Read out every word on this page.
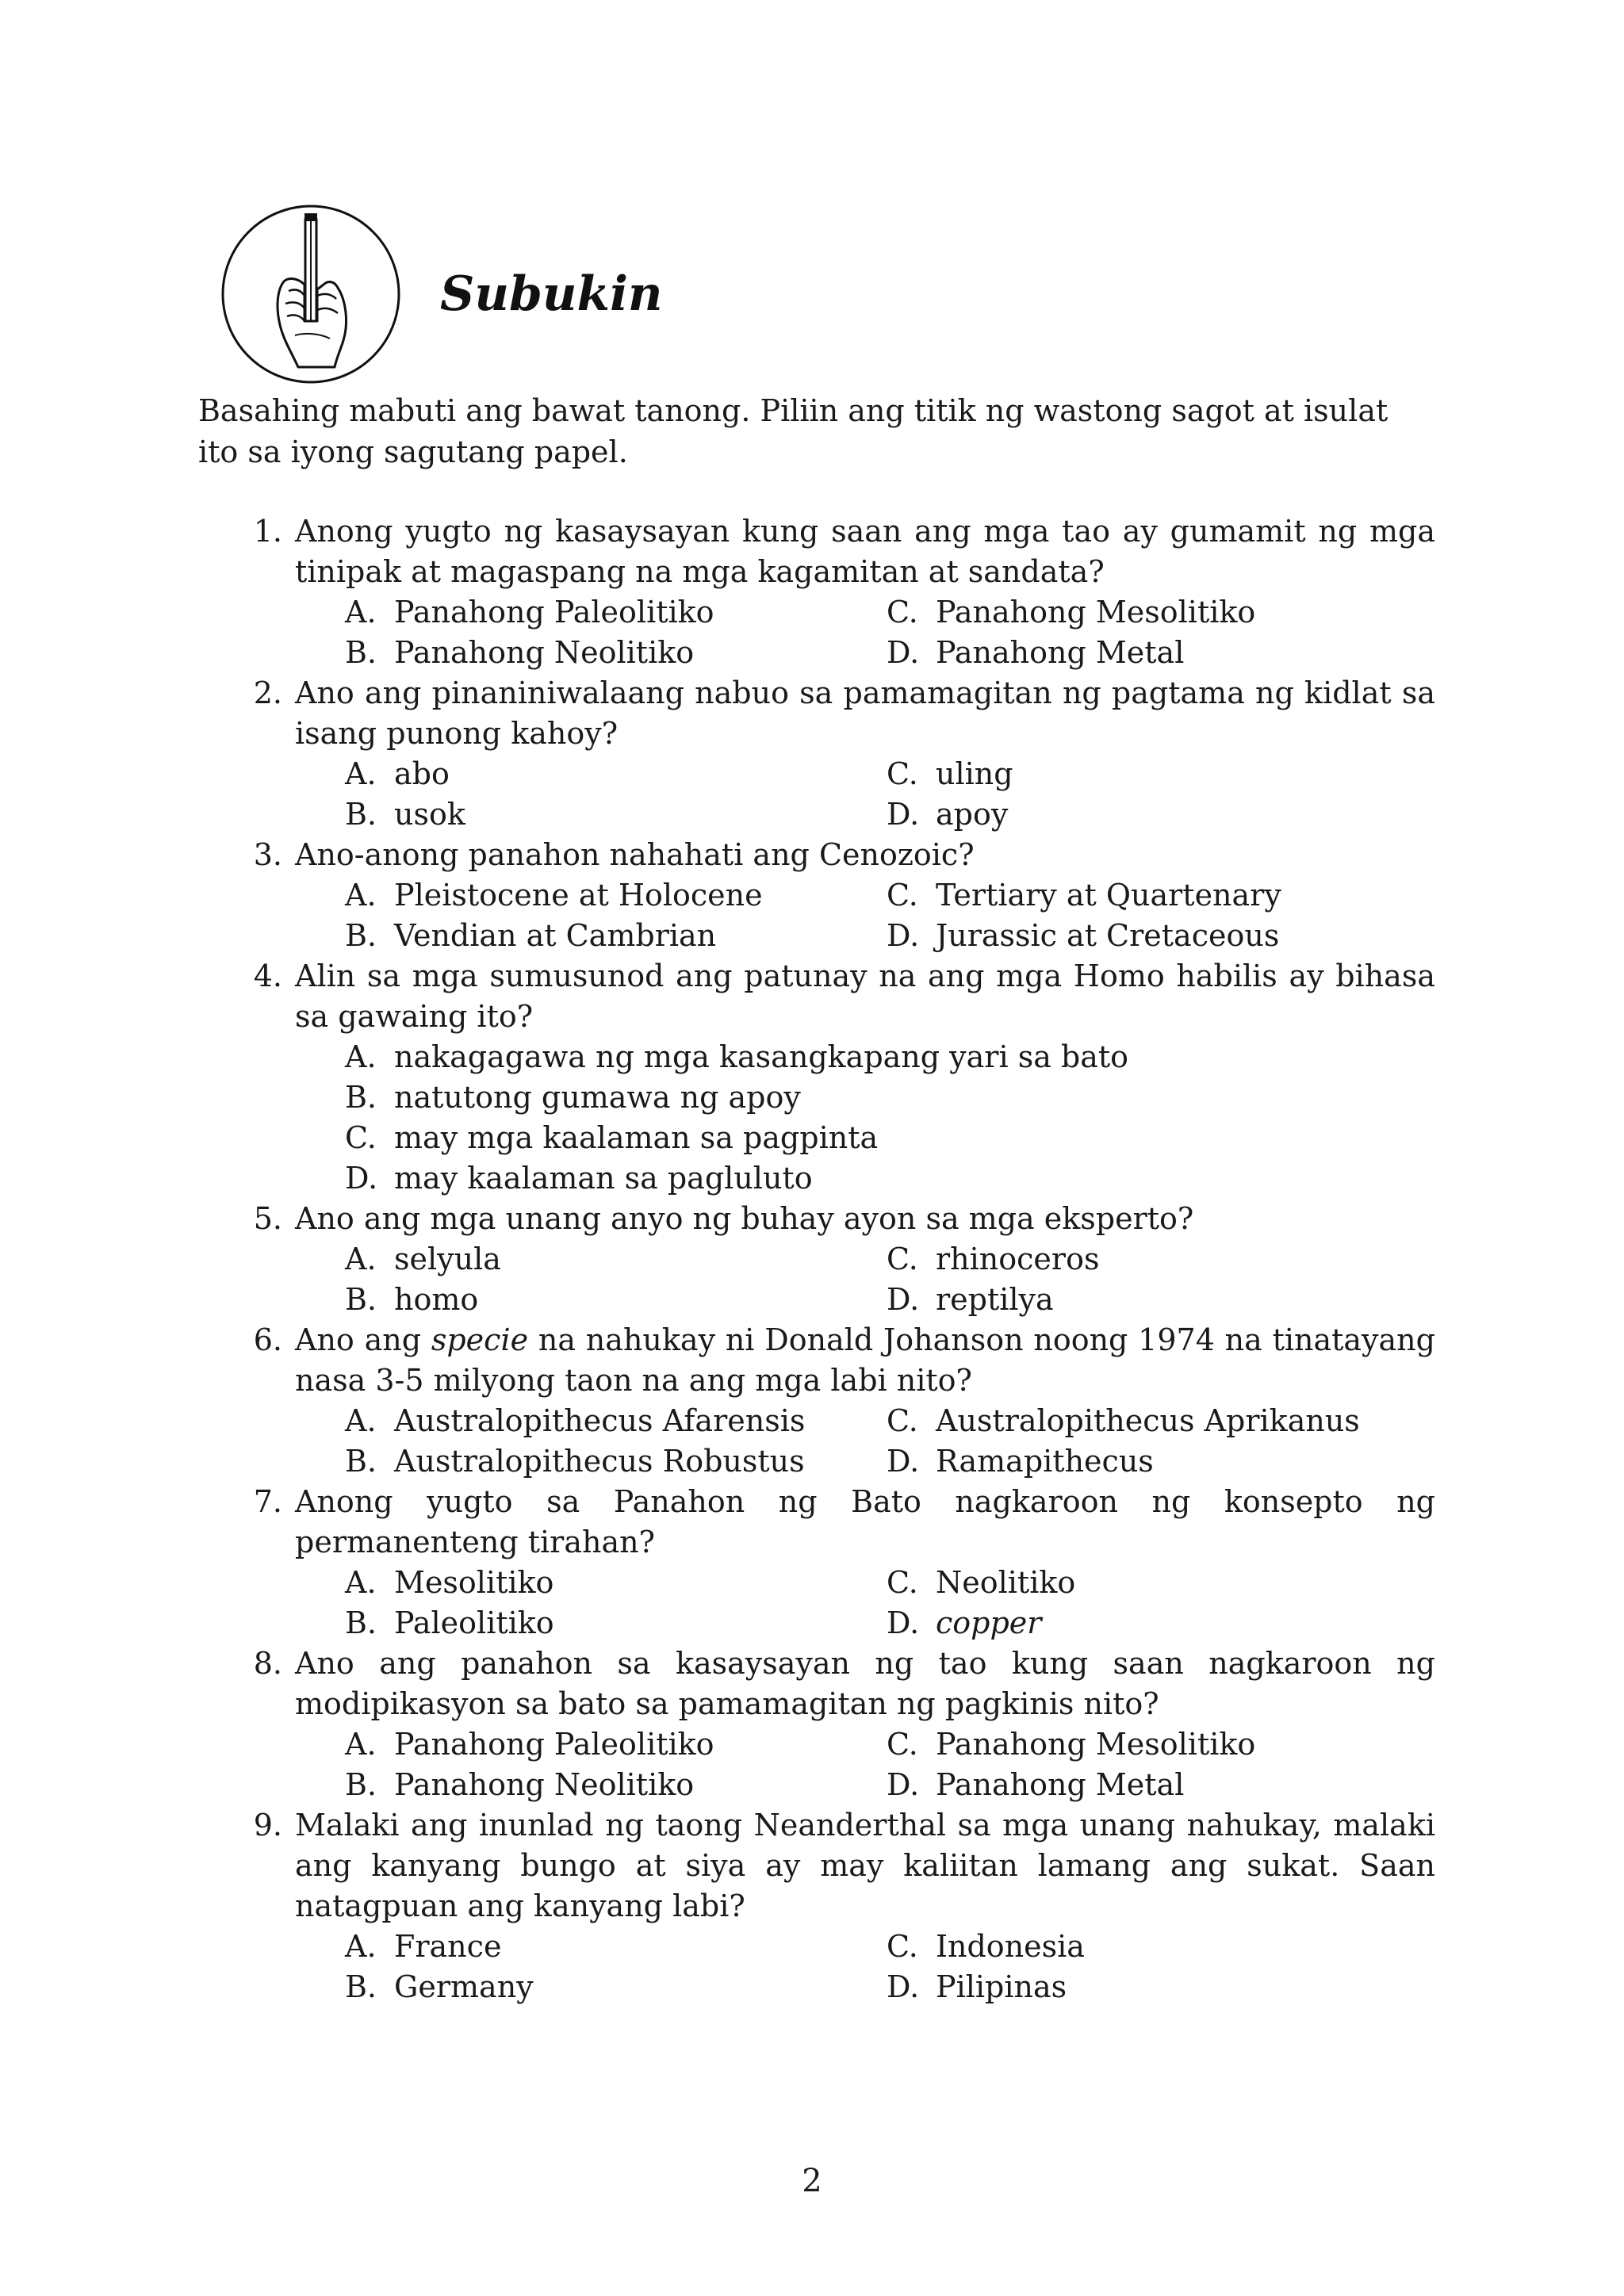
Subukin
Basahing mabuti ang bawat tanong. Piliin ang titik ng wastong sagot at isulat ito sa iyong sagutang papel.
1. Anong yugto ng kasaysayan kung saan ang mga tao ay gumamit ng mga tinipak at magaspang na mga kagamitan at sandata?
A. Panahong Paleolitiko	C. Panahong Mesolitiko
B. Panahong Neolitiko	D. Panahong Metal
2. Ano ang pinaniniwalaang nabuo sa pamamagitan ng pagtama ng kidlat sa isang punong kahoy?
A. abo	C. uling
B. usok	D. apoy
3. Ano-anong panahon nahahati ang Cenozoic?
A. Pleistocene at Holocene	C. Tertiary at Quartenary
B. Vendian at Cambrian	D. Jurassic at Cretaceous
4. Alin sa mga sumusunod ang patunay na ang mga Homo habilis ay bihasa sa gawaing ito?
A. nakagagawa ng mga kasangkapang yari sa bato
B. natutong gumawa ng apoy
C. may mga kaalaman sa pagpinta
D. may kaalaman sa pagluluto
5. Ano ang mga unang anyo ng buhay ayon sa mga eksperto?
A. selyula	C. rhinoceros
B. homo	D. reptilya
6. Ano ang specie na nahukay ni Donald Johanson noong 1974 na tinatayang nasa 3-5 milyong taon na ang mga labi nito?
A. Australopithecus Afarensis	C. Australopithecus Aprikanus
B. Australopithecus Robustus	D. Ramapithecus
7. Anong yugto sa Panahon ng Bato nagkaroon ng konsepto ng permanenteng tirahan?
A. Mesolitiko	C. Neolitiko
B. Paleolitiko	D. copper
8. Ano ang panahon sa kasaysayan ng tao kung saan nagkaroon ng modipikasyon sa bato sa pamamagitan ng pagkinis nito?
A. Panahong Paleolitiko	C. Panahong Mesolitiko
B. Panahong Neolitiko	D. Panahong Metal
9. Malaki ang inunlad ng taong Neanderthal sa mga unang nahukay, malaki ang kanyang bungo at siya ay may kaliitan lamang ang sukat. Saan natagpuan ang kanyang labi?
A. France	C. Indonesia
B. Germany	D. Pilipinas
2
